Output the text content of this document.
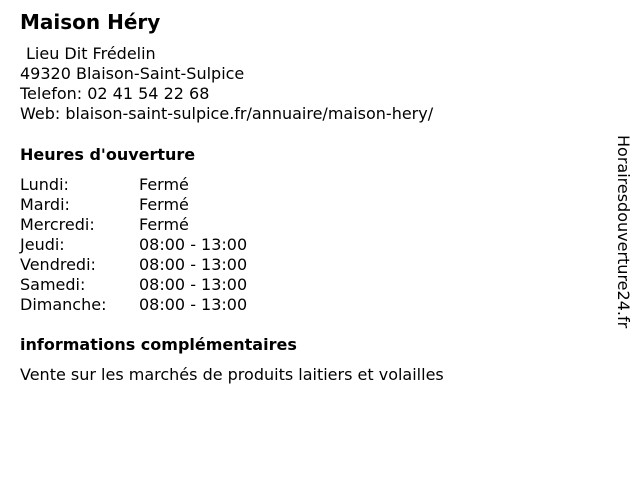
Maison Héry
Lieu Dit Frédelin
49320 Blaison-Saint-Sulpice
Telefon: 02 41 54 22 68
Web: blaison-saint-sulpice.fr/annuaire/maison-hery/
Heures d'ouverture
Lundi:	Fermé
Mardi:	Fermé
Mercredi:	Fermé
Jeudi:	08:00 - 13:00
Vendredi:	08:00 - 13:00
Samedi:	08:00 - 13:00
Dimanche:	08:00 - 13:00
informations complémentaires
Vente sur les marchés de produits laitiers et volailles
Horairesdouverture24.fr
